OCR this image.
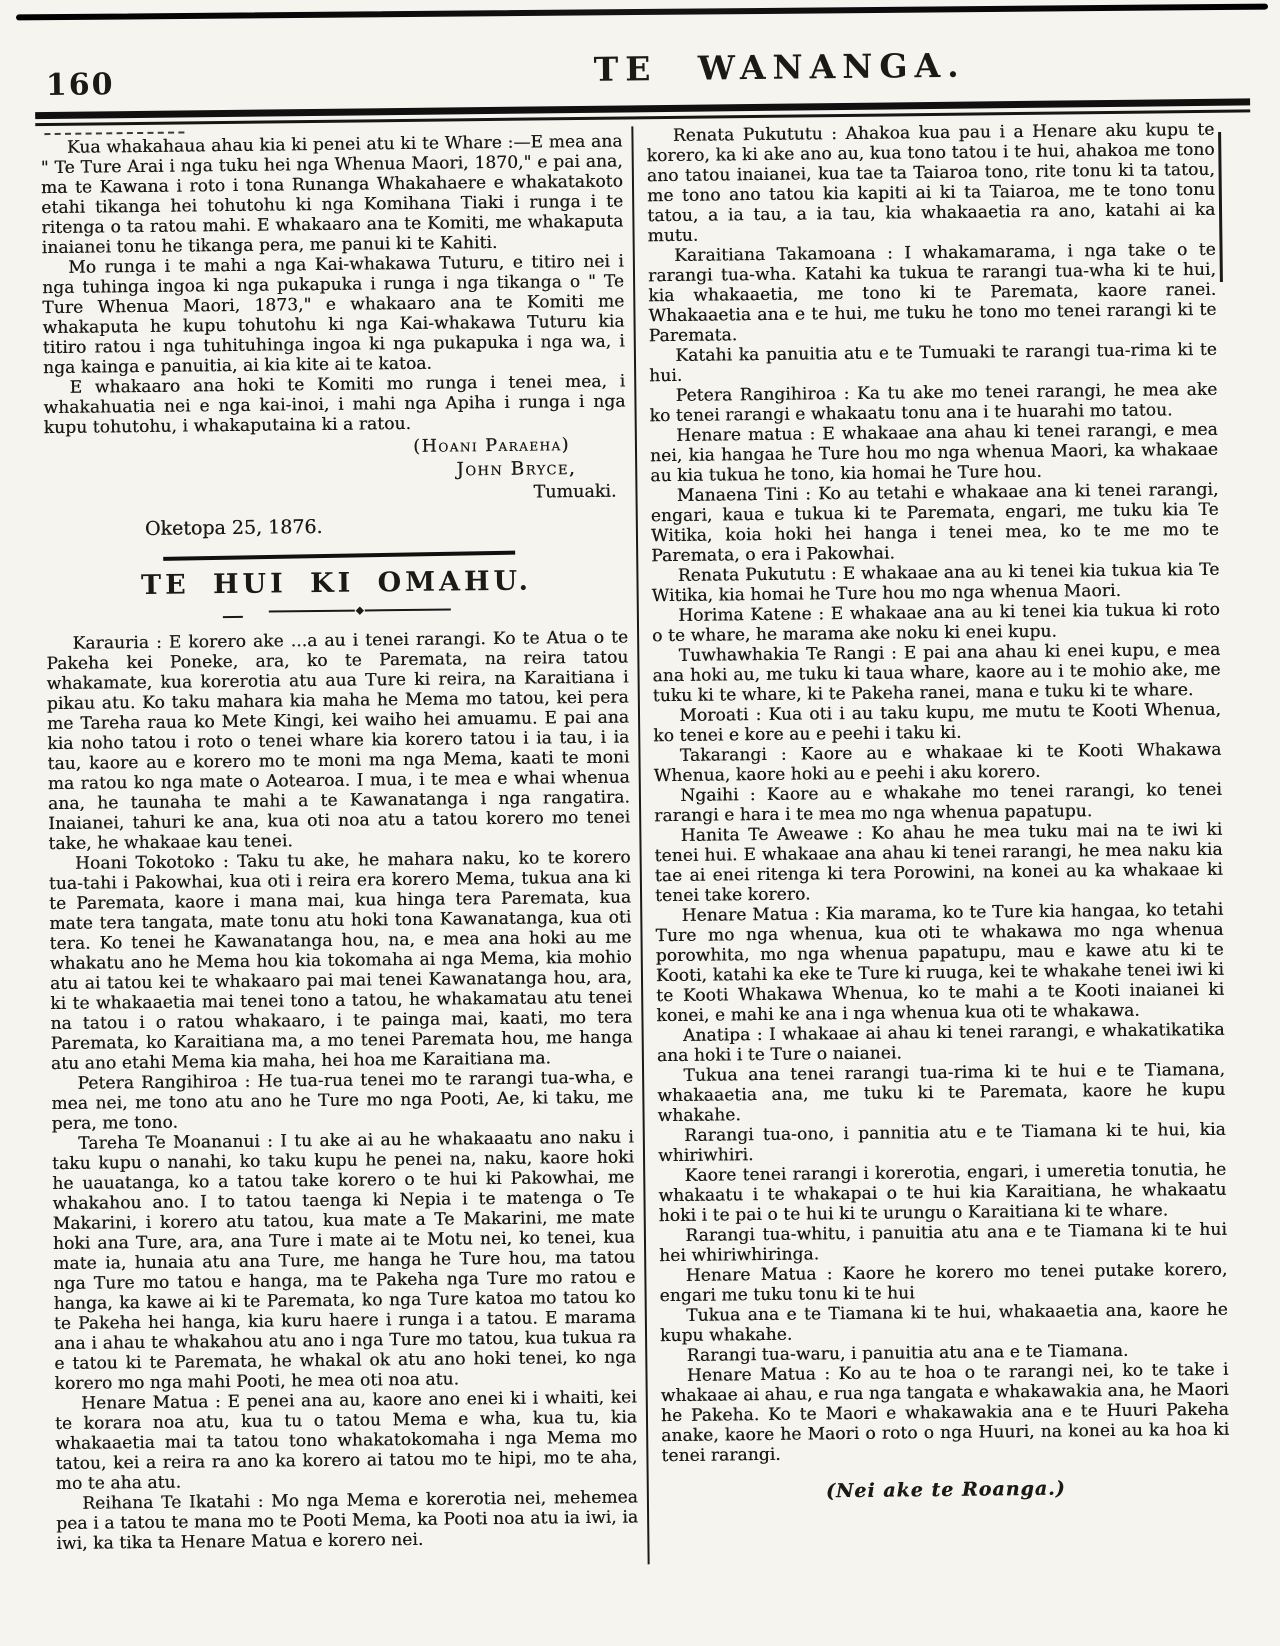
160	TE WANANGA.

Kua whakahaua ahau kia ki penei atu ki te Whare :—E mea ana " Te Ture Arai i nga tuku hei nga Whenua Maori, 1870," e pai ana, ma te Kawana i roto i tona Runanga Whakahaere e whakatakoto etahi tikanga hei tohutohu ki nga Komihana Tiaki i runga i te ritenga o ta ratou mahi. E whakaaro ana te Komiti, me whakaputa inaianei tonu he tikanga pera, me panui ki te Kahiti.

Mo runga i te mahi a nga Kai-whakawa Tuturu, e titiro nei i nga tuhinga ingoa ki nga pukapuka i runga i nga tikanga o " Te Ture Whenua Maori, 1873," e whakaaro ana te Komiti me whakaputa he kupu tohutohu ki nga Kai-whakawa Tuturu kia titiro ratou i nga tuhituhinga ingoa ki nga pukapuka i nga wa, i nga kainga e panuitia, ai kia kite ai te katoa.

E whakaaro ana hoki te Komiti mo runga i tenei mea, i whakahuatia nei e nga kai-inoi, i mahi nga Apiha i runga i nga kupu tohutohu, i whakaputaina ki a ratou.

(Hoani Paraeha)
John Bryce,
Tumuaki.
Oketopa 25, 1876.
TE HUI KI OMAHU.
◆

Karauria : E korero ake ...a au i tenei rarangi. Ko te Atua o te Pakeha kei Poneke, ara, ko te Paremata, na reira tatou whakamate, kua korerotia atu aua Ture ki reira, na Karaitiana i pikau atu. Ko taku mahara kia maha he Mema mo tatou, kei pera me Tareha raua ko Mete Kingi, kei waiho hei amuamu. E pai ana kia noho tatou i roto o tenei whare kia korero tatou i ia tau, i ia tau, kaore au e korero mo te moni ma nga Mema, kaati te moni ma ratou ko nga mate o Aotearoa. I mua, i te mea e whai whenua ana, he taunaha te mahi a te Kawanatanga i nga rangatira. Inaianei, tahuri ke ana, kua oti noa atu a tatou korero mo tenei take, he whakaae kau tenei.

Hoani Tokotoko : Taku tu ake, he mahara naku, ko te korero tua-tahi i Pakowhai, kua oti i reira era korero Mema, tukua ana ki te Paremata, kaore i mana mai, kua hinga tera Paremata, kua mate tera tangata, mate tonu atu hoki tona Kawanatanga, kua oti tera. Ko tenei he Kawanatanga hou, na, e mea ana hoki au me whakatu ano he Mema hou kia tokomaha ai nga Mema, kia mohio atu ai tatou kei te whakaaro pai mai tenei Kawanatanga hou, ara, ki te whakaaetia mai tenei tono a tatou, he whakamatau atu tenei na tatou i o ratou whakaaro, i te painga mai, kaati, mo tera Paremata, ko Karaitiana ma, a mo tenei Paremata hou, me hanga atu ano etahi Mema kia maha, hei hoa me Karaitiana ma.

Petera Rangihiroa : He tua-rua tenei mo te rarangi tua-wha, e mea nei, me tono atu ano he Ture mo nga Pooti, Ae, ki taku, me pera, me tono.

Tareha Te Moananui : I tu ake ai au he whakaaatu ano naku i taku kupu o nanahi, ko taku kupu he penei na, naku, kaore hoki he uauatanga, ko a tatou take korero o te hui ki Pakowhai, me whakahou ano. I to tatou taenga ki Nepia i te matenga o Te Makarini, i korero atu tatou, kua mate a Te Makarini, me mate hoki ana Ture, ara, ana Ture i mate ai te Motu nei, ko tenei, kua mate ia, hunaia atu ana Ture, me hanga he Ture hou, ma tatou nga Ture mo tatou e hanga, ma te Pakeha nga Ture mo ratou e hanga, ka kawe ai ki te Paremata, ko nga Ture katoa mo tatou ko te Pakeha hei hanga, kia kuru haere i runga i a tatou. E marama ana i ahau te whakahou atu ano i nga Ture mo tatou, kua tukua ra e tatou ki te Paremata, he whakal ok atu ano hoki tenei, ko nga korero mo nga mahi Pooti, he mea oti noa atu.

Henare Matua : E penei ana au, kaore ano enei ki i whaiti, kei te korara noa atu, kua tu o tatou Mema e wha, kua tu, kia whakaaetia mai ta tatou tono whakatokomaha i nga Mema mo tatou, kei a reira ra ano ka korero ai tatou mo te hipi, mo te aha, mo te aha atu.

Reihana Te Ikatahi : Mo nga Mema e korerotia nei, mehemea pea i a tatou te mana mo te Pooti Mema, ka Pooti noa atu ia iwi, ia iwi, ka tika ta Henare Matua e korero nei.

Renata Pukututu : Ahakoa kua pau i a Henare aku kupu te korero, ka ki ake ano au, kua tono tatou i te hui, ahakoa me tono ano tatou inaianei, kua tae ta Taiaroa tono, rite tonu ki ta tatou, me tono ano tatou kia kapiti ai ki ta Taiaroa, me te tono tonu tatou, a ia tau, a ia tau, kia whakaaetia ra ano, katahi ai ka mutu.

Karaitiana Takamoana : I whakamarama, i nga take o te rarangi tua-wha. Katahi ka tukua te rarangi tua-wha ki te hui, kia whakaaetia, me tono ki te Paremata, kaore ranei. Whakaaetia ana e te hui, me tuku he tono mo tenei rarangi ki te Paremata.

Katahi ka panuitia atu e te Tumuaki te rarangi tua-rima ki te hui.

Petera Rangihiroa : Ka tu ake mo tenei rarangi, he mea ake ko tenei rarangi e whakaatu tonu ana i te huarahi mo tatou.

Henare matua : E whakaae ana ahau ki tenei rarangi, e mea nei, kia hangaa he Ture hou mo nga whenua Maori, ka whakaae au kia tukua he tono, kia homai he Ture hou.

Manaena Tini : Ko au tetahi e whakaae ana ki tenei rarangi, engari, kaua e tukua ki te Paremata, engari, me tuku kia Te Witika, koia hoki hei hanga i tenei mea, ko te me mo te Paremata, o era i Pakowhai.

Renata Pukututu : E whakaae ana au ki tenei kia tukua kia Te Witika, kia homai he Ture hou mo nga whenua Maori.

Horima Katene : E whakaae ana au ki tenei kia tukua ki roto o te whare, he marama ake noku ki enei kupu.

Tuwhawhakia Te Rangi : E pai ana ahau ki enei kupu, e mea ana hoki au, me tuku ki taua whare, kaore au i te mohio ake, me tuku ki te whare, ki te Pakeha ranei, mana e tuku ki te whare.

Moroati : Kua oti i au taku kupu, me mutu te Kooti Whenua, ko tenei e kore au e peehi i taku ki.

Takarangi : Kaore au e whakaae ki te Kooti Whakawa Whenua, kaore hoki au e peehi i aku korero.

Ngaihi : Kaore au e whakahe mo tenei rarangi, ko tenei rarangi e hara i te mea mo nga whenua papatupu.

Hanita Te Aweawe : Ko ahau he mea tuku mai na te iwi ki tenei hui. E whakaae ana ahau ki tenei rarangi, he mea naku kia tae ai enei ritenga ki tera Porowini, na konei au ka whakaae ki tenei take korero.

Henare Matua : Kia marama, ko te Ture kia hangaa, ko tetahi Ture mo nga whenua, kua oti te whakawa mo nga whenua porowhita, mo nga whenua papatupu, mau e kawe atu ki te Kooti, katahi ka eke te Ture ki ruuga, kei te whakahe tenei iwi ki te Kooti Whakawa Whenua, ko te mahi a te Kooti inaianei ki konei, e mahi ke ana i nga whenua kua oti te whakawa.

Anatipa : I whakaae ai ahau ki tenei rarangi, e whakatikatika ana hoki i te Ture o naianei.

Tukua ana tenei rarangi tua-rima ki te hui e te Tiamana, whakaaetia ana, me tuku ki te Paremata, kaore he kupu whakahe.

Rarangi tua-ono, i pannitia atu e te Tiamana ki te hui, kia whiriwhiri.

Kaore tenei rarangi i korerotia, engari, i umeretia tonutia, he whakaatu i te whakapai o te hui kia Karaitiana, he whakaatu hoki i te pai o te hui ki te urungu o Karaitiana ki te whare.

Rarangi tua-whitu, i panuitia atu ana e te Tiamana ki te hui hei whiriwhiringa.

Henare Matua : Kaore he korero mo tenei putake korero, engari me tuku tonu ki te hui

Tukua ana e te Tiamana ki te hui, whakaaetia ana, kaore he kupu whakahe.

Rarangi tua-waru, i panuitia atu ana e te Tiamana.

Henare Matua : Ko au te hoa o te rarangi nei, ko te take i whakaae ai ahau, e rua nga tangata e whakawakia ana, he Maori he Pakeha. Ko te Maori e whakawakia ana e te Huuri Pakeha anake, kaore he Maori o roto o nga Huuri, na konei au ka hoa ki tenei rarangi.

(Nei ake te Roanga.)
